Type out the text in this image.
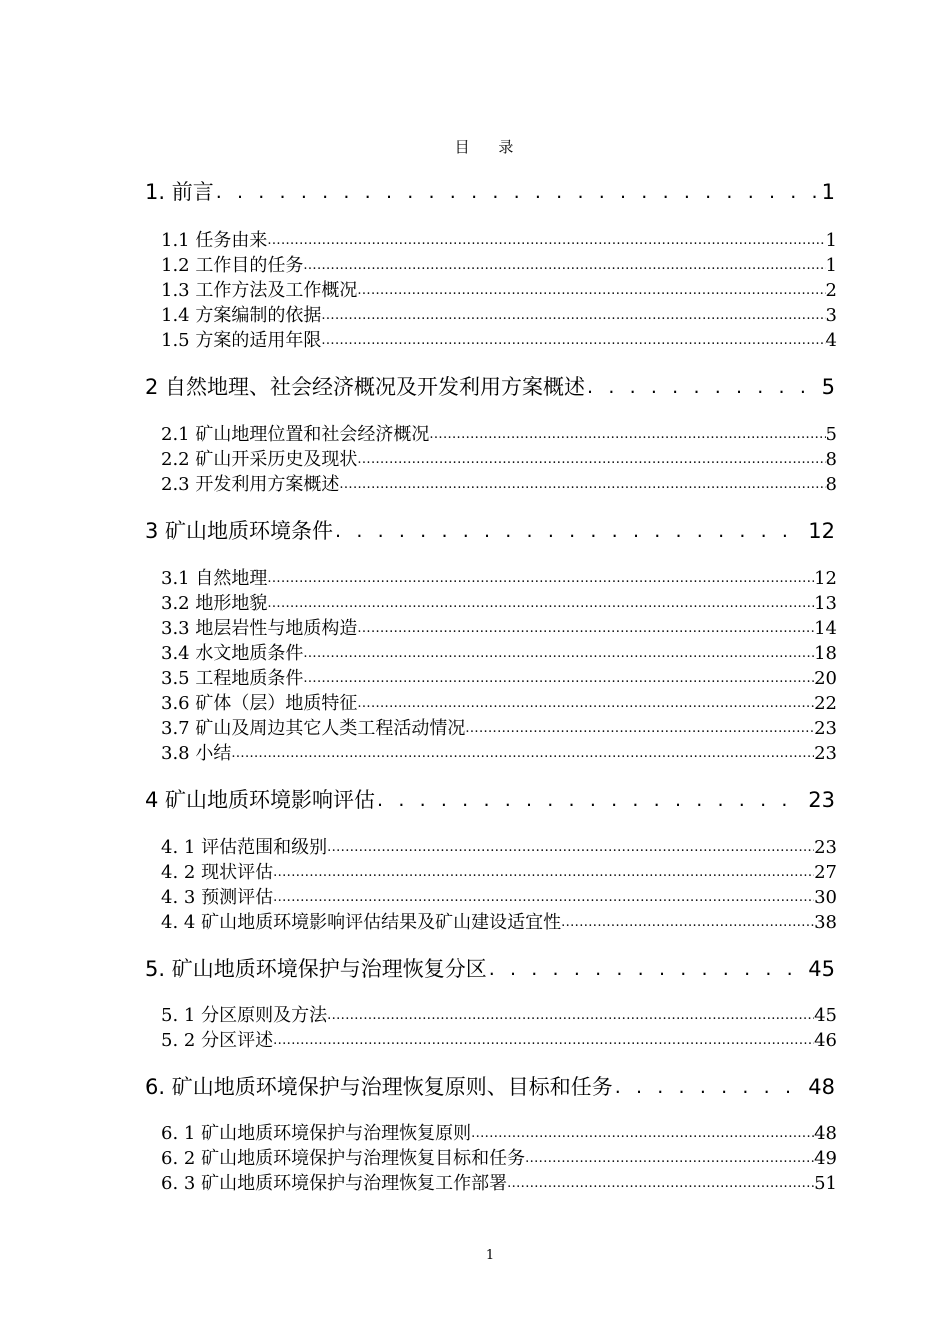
目 录
1. 前言 . . .	1
1.1 任务由来 .....	1
1.2 工作目的任务 .....	1
1.3 工作方法及工作概况 .....	2
1.4 方案编制的依据 .....	3
1.5 方案的适用年限 .....	4
2 自然地理、社会经济概况及开发利用方案概述 . . .	5
2.1 矿山地理位置和社会经济概况 .....	5
2.2 矿山开采历史及现状 .....	8
2.3 开发利用方案概述 .....	8
3 矿山地质环境条件 . . .	12
3.1 自然地理 .....	12
3.2 地形地貌 .....	13
3.3 地层岩性与地质构造 .....	14
3.4 水文地质条件 .....	18
3.5 工程地质条件 .....	20
3.6 矿体（层）地质特征 .....	22
3.7 矿山及周边其它人类工程活动情况 .....	23
3.8 小结 .....	23
4 矿山地质环境影响评估 . . .	23
4. 1 评估范围和级别 .....	23
4. 2 现状评估 .....	27
4. 3 预测评估 .....	30
4. 4 矿山地质环境影响评估结果及矿山建设适宜性 .....	38
5. 矿山地质环境保护与治理恢复分区 . . .	45
5. 1 分区原则及方法 .....	45
5. 2 分区评述 .....	46
6. 矿山地质环境保护与治理恢复原则、目标和任务 . . .	48
6. 1 矿山地质环境保护与治理恢复原则 .....	48
6. 2 矿山地质环境保护与治理恢复目标和任务 .....	49
6. 3 矿山地质环境保护与治理恢复工作部署 .....	51
1
